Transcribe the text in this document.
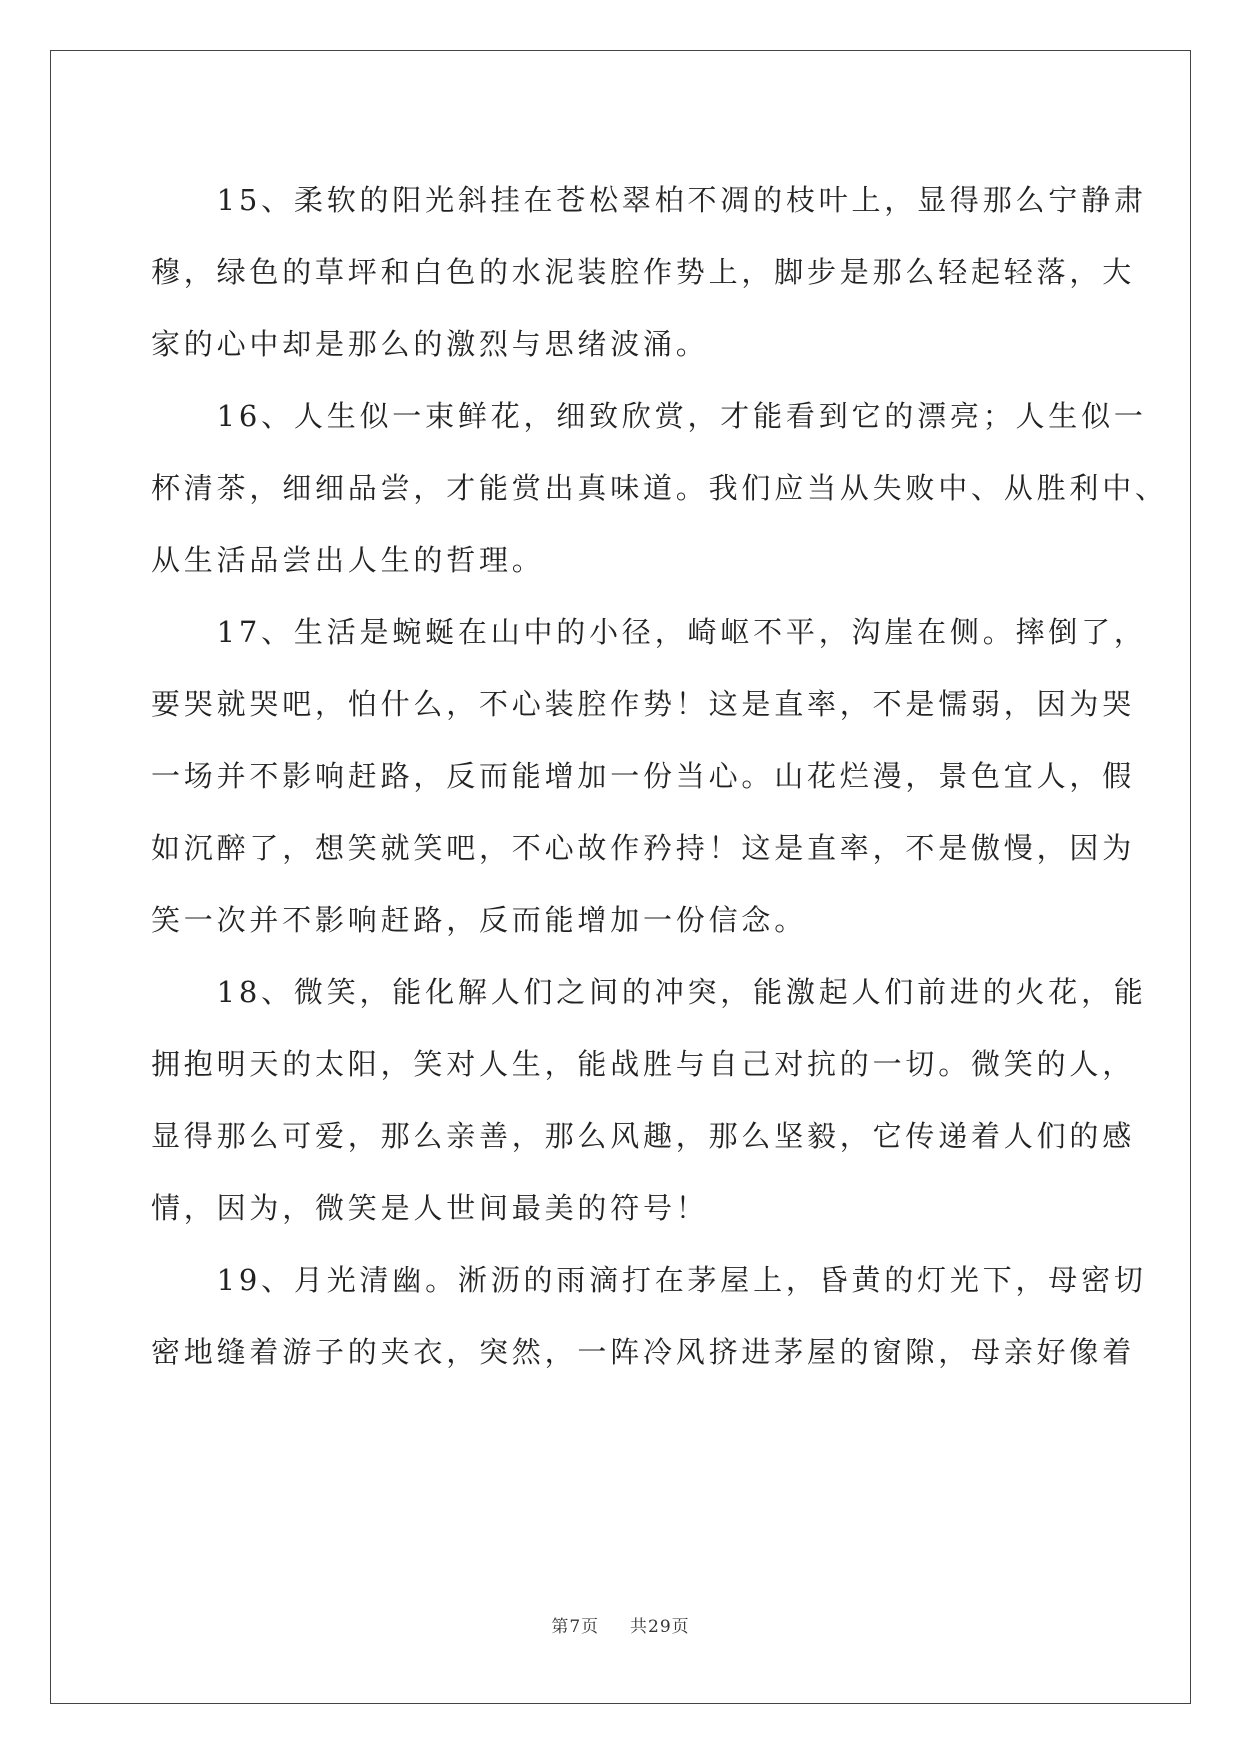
　　15、柔软的阳光斜挂在苍松翠柏不凋的枝叶上，显得那么宁静肃
穆，绿色的草坪和白色的水泥装腔作势上，脚步是那么轻起轻落，大
家的心中却是那么的激烈与思绪波涌。
　　16、人生似一束鲜花，细致欣赏，才能看到它的漂亮；人生似一
杯清茶，细细品尝，才能赏出真味道。我们应当从失败中、从胜利中、
从生活品尝出人生的哲理。
　　17、生活是蜿蜒在山中的小径，崎岖不平，沟崖在侧。摔倒了，
要哭就哭吧，怕什么，不心装腔作势！这是直率，不是懦弱，因为哭
一场并不影响赶路，反而能增加一份当心。山花烂漫，景色宜人，假
如沉醉了，想笑就笑吧，不心故作矜持！这是直率，不是傲慢，因为
笑一次并不影响赶路，反而能增加一份信念。
　　18、微笑，能化解人们之间的冲突，能激起人们前进的火花，能
拥抱明天的太阳，笑对人生，能战胜与自己对抗的一切。微笑的人，
显得那么可爱，那么亲善，那么风趣，那么坚毅，它传递着人们的感
情，因为，微笑是人世间最美的符号！
　　19、月光清幽。淅沥的雨滴打在茅屋上，昏黄的灯光下，母密切
密地缝着游子的夹衣，突然，一阵冷风挤进茅屋的窗隙，母亲好像着
第7页 共29页
